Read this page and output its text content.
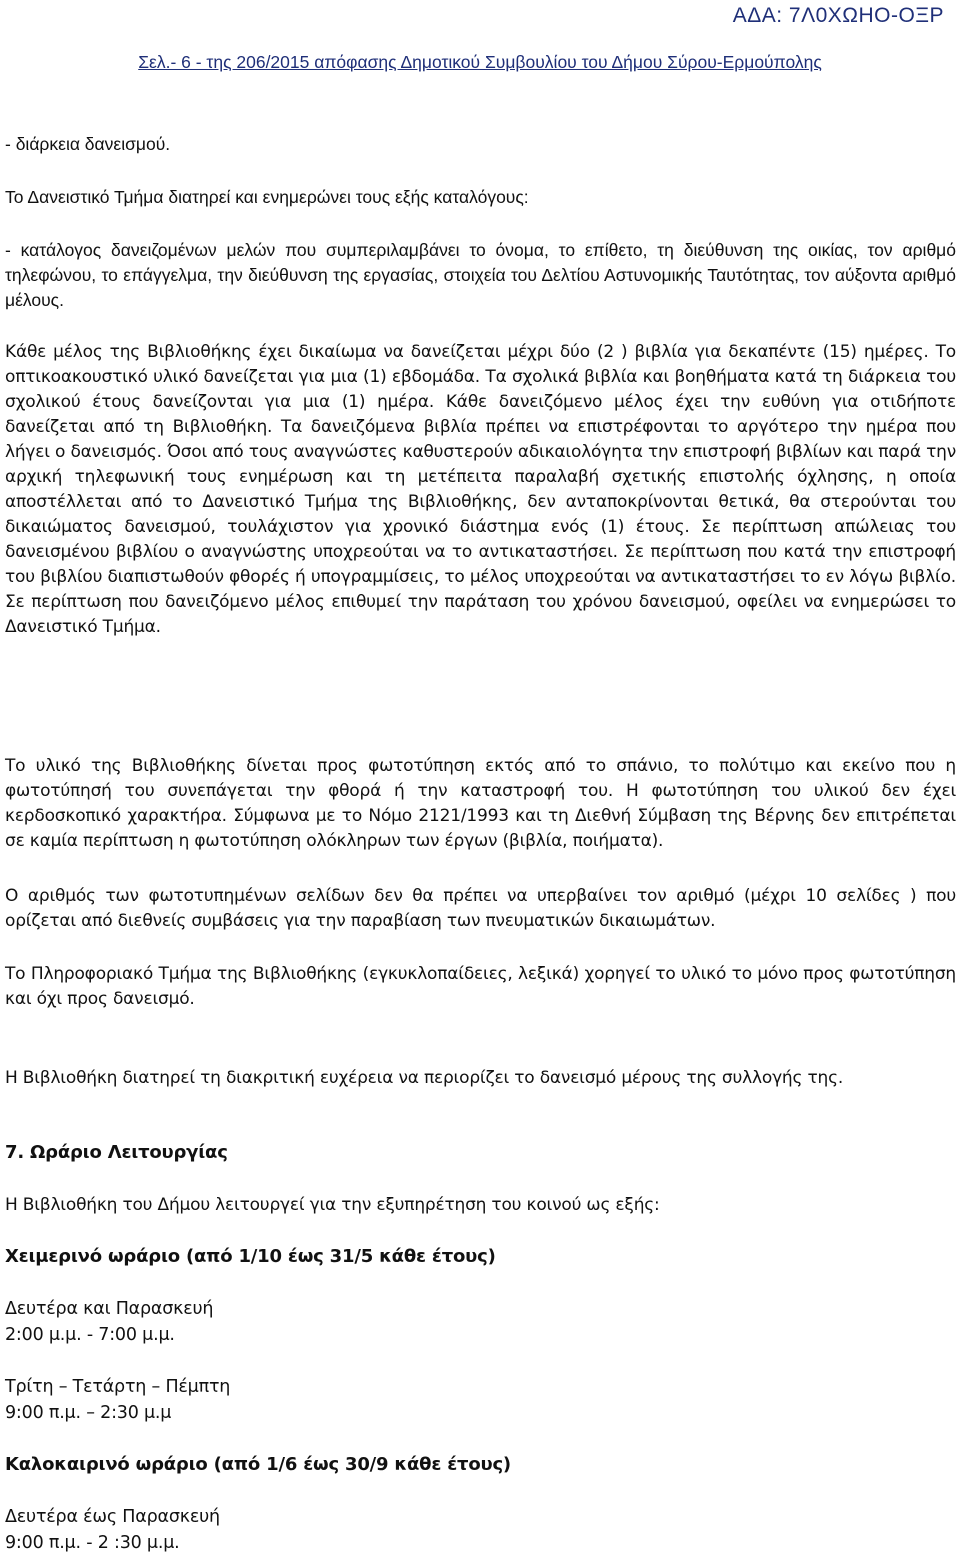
ΑΔΑ: 7Λ0ΧΩΗΟ-ΟΞΡ
Σελ.- 6 - της 206/2015 απόφασης Δημοτικού Συμβουλίου του Δήμου Σύρου-Ερμούπολης

- διάρκεια δανεισμού.

Το Δανειστικό Τμήμα διατηρεί και ενημερώνει τους εξής καταλόγους:

- κατάλογος δανειζομένων μελών που συμπεριλαμβάνει το όνομα, το επίθετο, τη διεύθυνση της οικίας, τον αριθμό τηλεφώνου, το επάγγελμα, την διεύθυνση της εργασίας, στοιχεία του Δελτίου Αστυνομικής Ταυτότητας, τον αύξοντα αριθμό μέλους.

Κάθε μέλος της Βιβλιοθήκης έχει δικαίωμα να δανείζεται μέχρι δύο (2 ) βιβλία για δεκαπέντε (15) ημέρες. Το οπτικοακουστικό υλικό δανείζεται για μια (1) εβδομάδα. Τα σχολικά βιβλία και βοηθήματα κατά τη διάρκεια του σχολικού έτους δανείζονται για μια (1) ημέρα. Κάθε δανειζόμενο μέλος έχει την ευθύνη για οτιδήποτε δανείζεται από τη Βιβλιοθήκη. Τα δανειζόμενα βιβλία πρέπει να επιστρέφονται το αργότερο την ημέρα που λήγει ο δανεισμός. Όσοι από τους αναγνώστες καθυστερούν αδικαιολόγητα την επιστροφή βιβλίων και παρά την αρχική τηλεφωνική τους ενημέρωση και τη μετέπειτα παραλαβή σχετικής επιστολής όχλησης, η οποία αποστέλλεται από το Δανειστικό Τμήμα της Βιβλιοθήκης, δεν ανταποκρίνονται θετικά, θα στερούνται του δικαιώματος δανεισμού, τουλάχιστον για χρονικό διάστημα ενός (1) έτους. Σε περίπτωση απώλειας του δανεισμένου βιβλίου ο αναγνώστης υποχρεούται να το αντικαταστήσει. Σε περίπτωση που κατά την επιστροφή του βιβλίου διαπιστωθούν φθορές ή υπογραμμίσεις, το μέλος υποχρεούται να αντικαταστήσει το εν λόγω βιβλίο. Σε περίπτωση που δανειζόμενο μέλος επιθυμεί την παράταση του χρόνου δανεισμού, οφείλει να ενημερώσει το Δανειστικό Τμήμα.

Το υλικό της Βιβλιοθήκης δίνεται προς φωτοτύπηση εκτός από το σπάνιο, το πολύτιμο και εκείνο που η φωτοτύπησή του συνεπάγεται την φθορά ή την καταστροφή του. Η φωτοτύπηση του υλικού δεν έχει κερδοσκοπικό χαρακτήρα. Σύμφωνα με το Νόμο 2121/1993 και τη Διεθνή Σύμβαση της Βέρνης δεν επιτρέπεται σε καμία περίπτωση η φωτοτύπηση ολόκληρων των έργων (βιβλία, ποιήματα).

Ο αριθμός των φωτοτυπημένων σελίδων δεν θα πρέπει να υπερβαίνει τον αριθμό (μέχρι 10 σελίδες ) που ορίζεται από διεθνείς συμβάσεις για την παραβίαση των πνευματικών δικαιωμάτων.

Το Πληροφοριακό Τμήμα της Βιβλιοθήκης (εγκυκλοπαίδειες, λεξικά) χορηγεί το υλικό το μόνο προς φωτοτύπηση και όχι προς δανεισμό.

Η Βιβλιοθήκη διατηρεί τη διακριτική ευχέρεια να περιορίζει το δανεισμό μέρους της συλλογής της.

7. Ωράριο Λειτουργίας

Η Βιβλιοθήκη του Δήμου λειτουργεί για την εξυπηρέτηση του κοινού ως εξής:

Χειμερινό ωράριο (από 1/10 έως 31/5 κάθε έτους)
Δευτέρα και Παρασκευή
2:00 μ.μ. - 7:00 μ.μ.
Τρίτη – Τετάρτη – Πέμπτη
9:00 π.μ. – 2:30 μ.μ
Καλοκαιρινό ωράριο (από 1/6 έως 30/9 κάθε έτους)
Δευτέρα έως Παρασκευή
9:00 π.μ. - 2 :30 μ.μ.
